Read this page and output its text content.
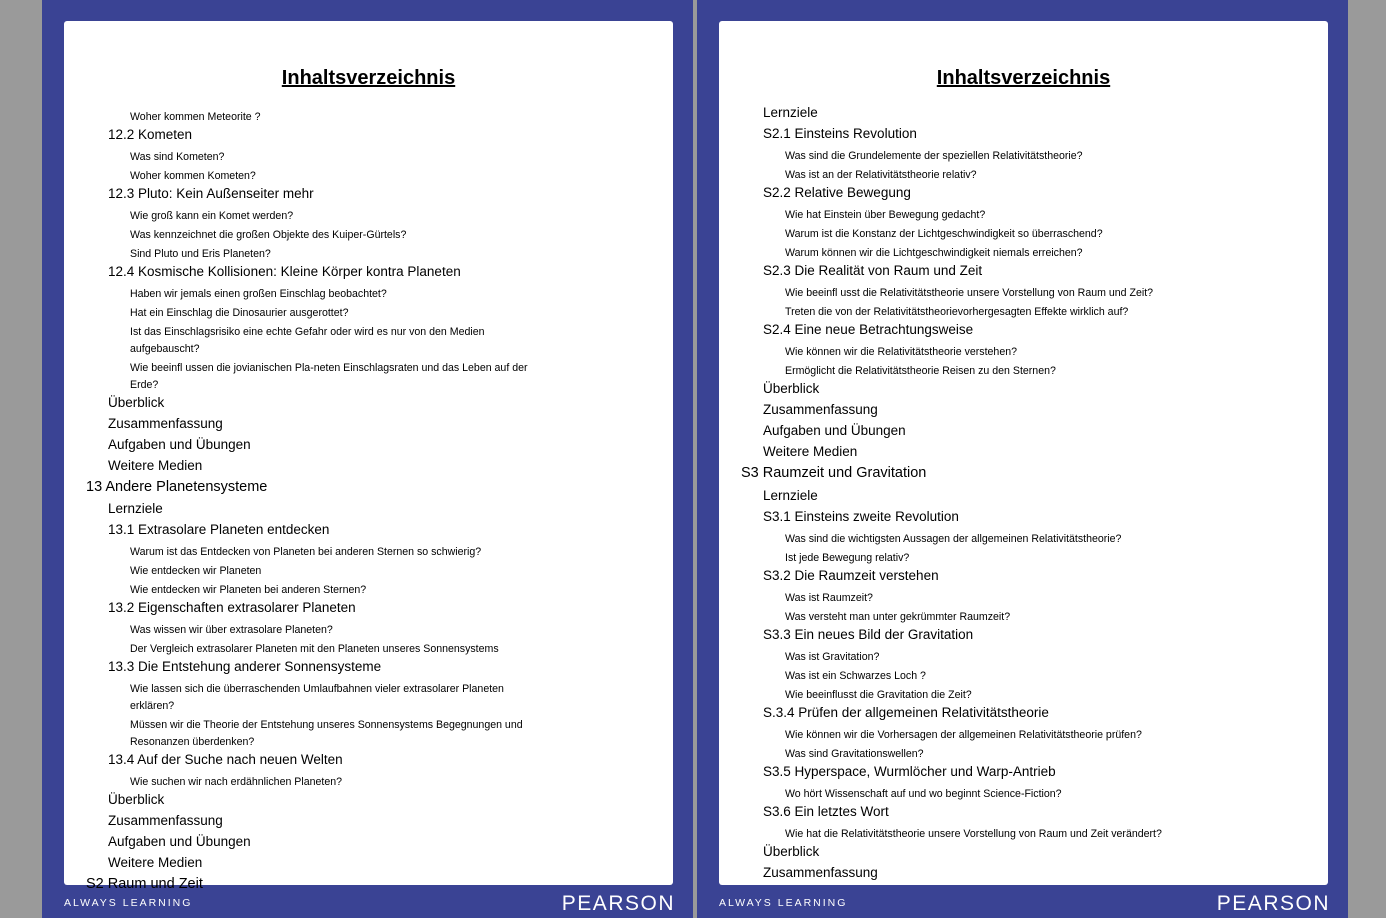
Inhaltsverzeichnis
Woher kommen Meteorite ?
12.2 Kometen
Was sind Kometen?
Woher kommen Kometen?
12.3 Pluto: Kein Außenseiter mehr
Wie groß kann ein Komet werden?
Was kennzeichnet die großen Objekte des Kuiper-Gürtels?
Sind Pluto und Eris Planeten?
12.4 Kosmische Kollisionen: Kleine Körper kontra Planeten
Haben wir jemals einen großen Einschlag beobachtet?
Hat ein Einschlag die Dinosaurier ausgerottet?
Ist das Einschlagsrisiko eine echte Gefahr oder wird es nur von den Medien aufgebauscht?
Wie beeinfl ussen die jovianischen Pla-neten Einschlagsraten und das Leben auf der Erde?
Überblick
Zusammenfassung
Aufgaben und Übungen
Weitere Medien
13 Andere Planetensysteme
Lernziele
13.1 Extrasolare Planeten entdecken
Warum ist das Entdecken von Planeten bei anderen Sternen so schwierig?
Wie entdecken wir Planeten
Wie entdecken wir Planeten bei anderen Sternen?
13.2 Eigenschaften extrasolarer Planeten
Was wissen wir über extrasolare Planeten?
Der Vergleich extrasolarer Planeten mit den Planeten unseres Sonnensystems
13.3 Die Entstehung anderer Sonnensysteme
Wie lassen sich die überraschenden Umlaufbahnen vieler extrasolarer Planeten erklären?
Müssen wir die Theorie der Entstehung unseres Sonnensystems Begegnungen und Resonanzen überdenken?
13.4 Auf der Suche nach neuen Welten
Wie suchen wir nach erdähnlichen Planeten?
Überblick
Zusammenfassung
Aufgaben und Übungen
Weitere Medien
S2 Raum und Zeit
ALWAYS LEARNING	PEARSON
Inhaltsverzeichnis
Lernziele
S2.1 Einsteins Revolution
Was sind die Grundelemente der speziellen Relativitätstheorie?
Was ist an der Relativitätstheorie relativ?
S2.2 Relative Bewegung
Wie hat Einstein über Bewegung gedacht?
Warum ist die Konstanz der Lichtgeschwindigkeit so überraschend?
Warum können wir die Lichtgeschwindigkeit niemals erreichen?
S2.3 Die Realität von Raum und Zeit
Wie beeinfl usst die Relativitätstheorie unsere Vorstellung von Raum und Zeit?
Treten die von der Relativitätstheorievorhergesagten Effekte wirklich auf?
S2.4 Eine neue Betrachtungsweise
Wie können wir die Relativitätstheorie verstehen?
Ermöglicht die Relativitätstheorie Reisen zu den Sternen?
Überblick
Zusammenfassung
Aufgaben und Übungen
Weitere Medien
S3 Raumzeit und Gravitation
Lernziele
S3.1 Einsteins zweite Revolution
Was sind die wichtigsten Aussagen der allgemeinen Relativitätstheorie?
Ist jede Bewegung relativ?
S3.2 Die Raumzeit verstehen
Was ist Raumzeit?
Was versteht man unter gekrümmter Raumzeit?
S3.3 Ein neues Bild der Gravitation
Was ist Gravitation?
Was ist ein Schwarzes Loch ?
Wie beeinflusst die Gravitation die Zeit?
S.3.4 Prüfen der allgemeinen Relativitätstheorie
Wie können wir die Vorhersagen der allgemeinen Relativitätstheorie prüfen?
Was sind Gravitationswellen?
S3.5 Hyperspace, Wurmlöcher und Warp-Antrieb
Wo hört Wissenschaft auf und wo beginnt Science-Fiction?
S3.6 Ein letztes Wort
Wie hat die Relativitätstheorie unsere Vorstellung von Raum und Zeit verändert?
Überblick
Zusammenfassung
ALWAYS LEARNING	PEARSON
